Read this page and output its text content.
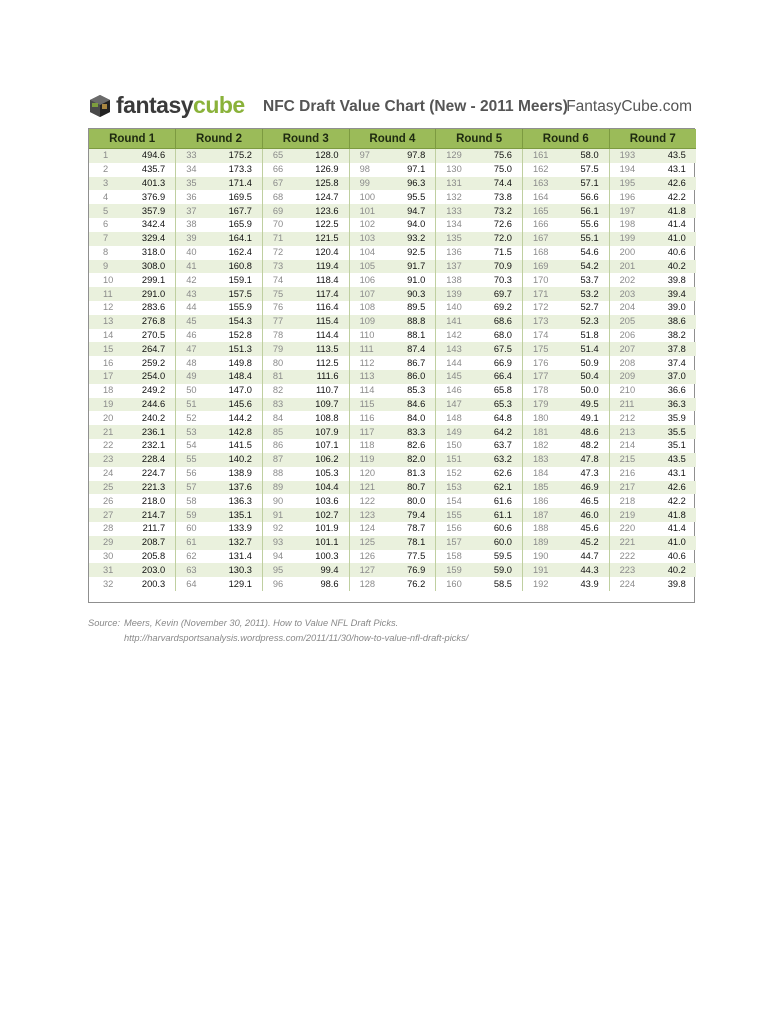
fantasycube NFC Draft Value Chart (New - 2011 Meers)
FantasyCube.com
Round 1		Round 2		Round 3		Round 4		Round 5		Round 6		Round 7	
1	494.6	33	175.2	65	128.0	97	97.8	129	75.6	161	58.0	193	43.5
2	435.7	34	173.3	66	126.9	98	97.1	130	75.0	162	57.5	194	43.1
3	401.3	35	171.4	67	125.8	99	96.3	131	74.4	163	57.1	195	42.6
4	376.9	36	169.5	68	124.7	100	95.5	132	73.8	164	56.6	196	42.2
5	357.9	37	167.7	69	123.6	101	94.7	133	73.2	165	56.1	197	41.8
6	342.4	38	165.9	70	122.5	102	94.0	134	72.6	166	55.6	198	41.4
7	329.4	39	164.1	71	121.5	103	93.2	135	72.0	167	55.1	199	41.0
8	318.0	40	162.4	72	120.4	104	92.5	136	71.5	168	54.6	200	40.6
9	308.0	41	160.8	73	119.4	105	91.7	137	70.9	169	54.2	201	40.2
10	299.1	42	159.1	74	118.4	106	91.0	138	70.3	170	53.7	202	39.8
11	291.0	43	157.5	75	117.4	107	90.3	139	69.7	171	53.2	203	39.4
12	283.6	44	155.9	76	116.4	108	89.5	140	69.2	172	52.7	204	39.0
13	276.8	45	154.3	77	115.4	109	88.8	141	68.6	173	52.3	205	38.6
14	270.5	46	152.8	78	114.4	110	88.1	142	68.0	174	51.8	206	38.2
15	264.7	47	151.3	79	113.5	111	87.4	143	67.5	175	51.4	207	37.8
16	259.2	48	149.8	80	112.5	112	86.7	144	66.9	176	50.9	208	37.4
17	254.0	49	148.4	81	111.6	113	86.0	145	66.4	177	50.4	209	37.0
18	249.2	50	147.0	82	110.7	114	85.3	146	65.8	178	50.0	210	36.6
19	244.6	51	145.6	83	109.7	115	84.6	147	65.3	179	49.5	211	36.3
20	240.2	52	144.2	84	108.8	116	84.0	148	64.8	180	49.1	212	35.9
21	236.1	53	142.8	85	107.9	117	83.3	149	64.2	181	48.6	213	35.5
22	232.1	54	141.5	86	107.1	118	82.6	150	63.7	182	48.2	214	35.1
23	228.4	55	140.2	87	106.2	119	82.0	151	63.2	183	47.8	215	43.5
24	224.7	56	138.9	88	105.3	120	81.3	152	62.6	184	47.3	216	43.1
25	221.3	57	137.6	89	104.4	121	80.7	153	62.1	185	46.9	217	42.6
26	218.0	58	136.3	90	103.6	122	80.0	154	61.6	186	46.5	218	42.2
27	214.7	59	135.1	91	102.7	123	79.4	155	61.1	187	46.0	219	41.8
28	211.7	60	133.9	92	101.9	124	78.7	156	60.6	188	45.6	220	41.4
29	208.7	61	132.7	93	101.1	125	78.1	157	60.0	189	45.2	221	41.0
30	205.8	62	131.4	94	100.3	126	77.5	158	59.5	190	44.7	222	40.6
31	203.0	63	130.3	95	99.4	127	76.9	159	59.0	191	44.3	223	40.2
32	200.3	64	129.1	96	98.6	128	76.2	160	58.5	192	43.9	224	39.8
Source: Meers, Kevin (November 30, 2011). How to Value NFL Draft Picks.
http://harvardsportsanalysis.wordpress.com/2011/11/30/how-to-value-nfl-draft-picks/
